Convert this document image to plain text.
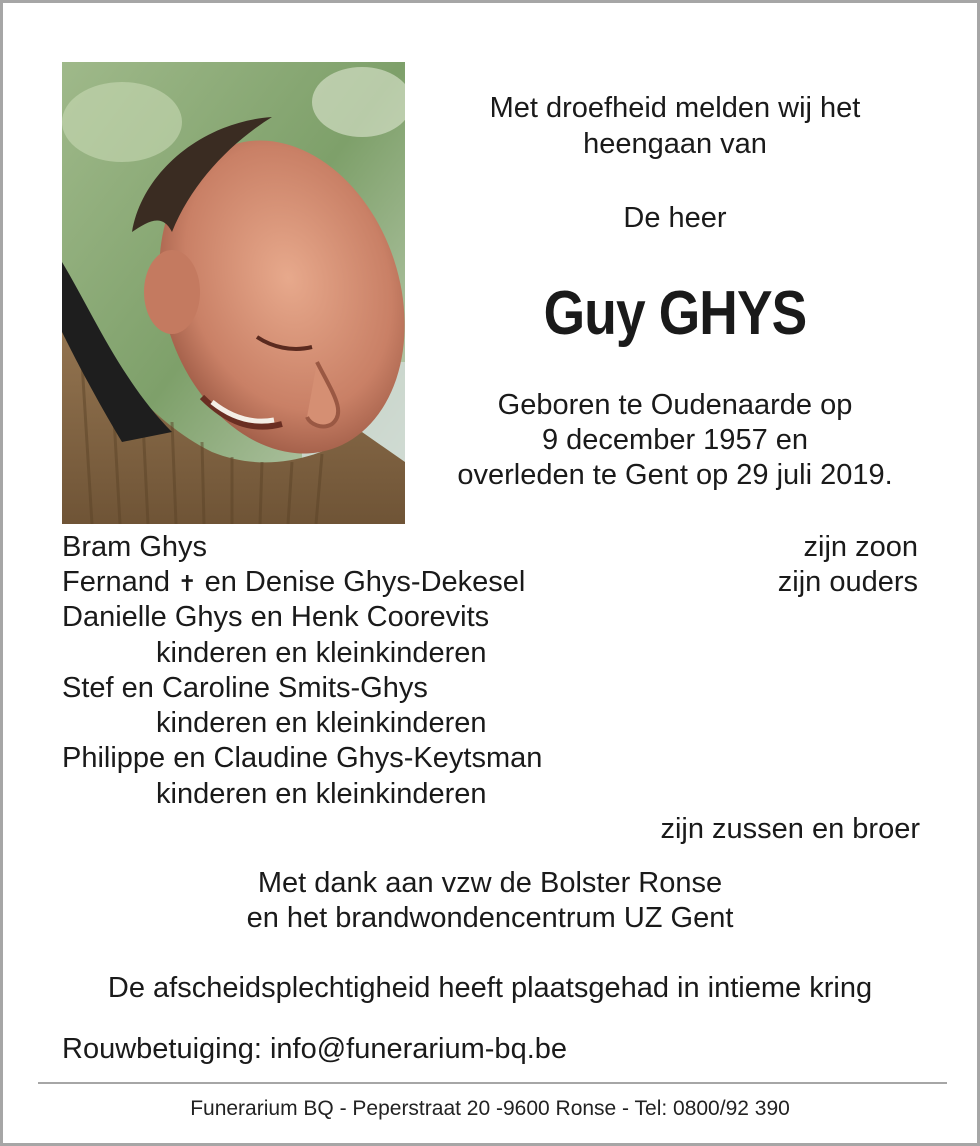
Met droefheid melden wij het
heengaan van
De heer
Guy GHYS
Geboren te Oudenaarde op
9 december 1957 en
overleden te Gent op 29 juli 2019.
Bram Ghys	zijn zoon
Fernand ✝ en Denise Ghys-Dekesel	zijn ouders
Danielle Ghys en Henk Coorevits
kinderen en kleinkinderen
Stef en Caroline Smits-Ghys
kinderen en kleinkinderen
Philippe en Claudine Ghys-Keytsman
kinderen en kleinkinderen
zijn zussen en broer
Met dank aan vzw de Bolster Ronse
en het brandwondencentrum UZ Gent
De afscheidsplechtigheid heeft plaatsgehad in intieme kring
Rouwbetuiging: info@funerarium-bq.be
Funerarium BQ - Peperstraat 20 -9600 Ronse - Tel: 0800/92 390
